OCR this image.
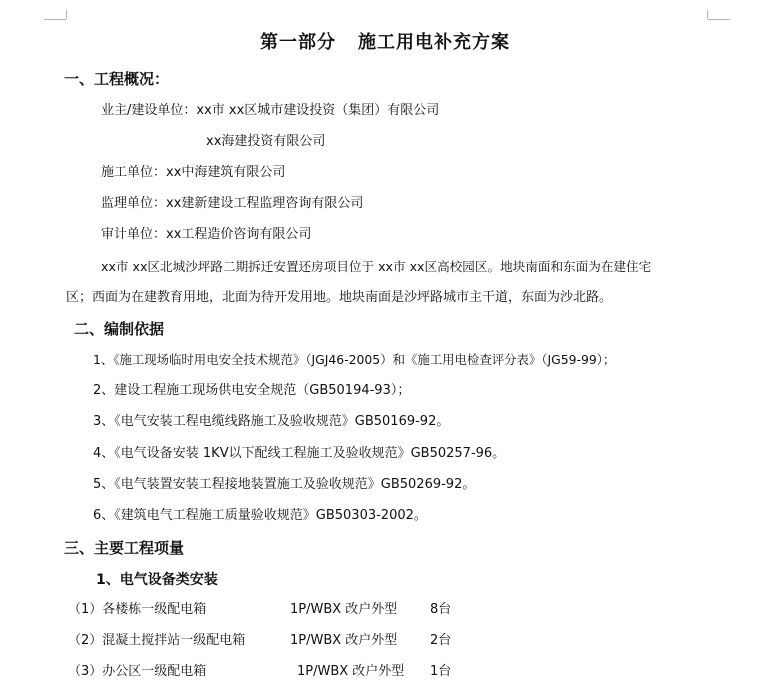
第一部分 施工用电补充方案
一、工程概况：
业主/建设单位：xx市 xx区城市建设投资（集团）有限公司
xx海建投资有限公司
施工单位：xx中海建筑有限公司
监理单位：xx建新建设工程监理咨询有限公司
审计单位：xx工程造价咨询有限公司
xx市 xx区北城沙坪路二期拆迁安置还房项目位于 xx市 xx区高校园区。地块南面和东面为在建住宅
区；西面为在建教育用地，北面为待开发用地。地块南面是沙坪路城市主干道，东面为沙北路。
二、编制依据
1、《施工现场临时用电安全技术规范》（JGJ46-2005）和《施工用电检查评分表》（JG59-99）；
2、建设工程施工现场供电安全规范（GB50194-93）；
3、《电气安装工程电缆线路施工及验收规范》GB50169-92。
4、《电气设备安装 1KV以下配线工程施工及验收规范》GB50257-96。
5、《电气装置安装工程接地装置施工及验收规范》GB50269-92。
6、《建筑电气工程施工质量验收规范》GB50303-2002。
三、主要工程项量
1、电气设备类安装
（1）各楼栋一级配电箱	1P/WBX 改户外型	8台
（2）混凝土搅拌站一级配电箱	1P/WBX 改户外型	2台
（3）办公区一级配电箱	1P/WBX 改户外型 1台
